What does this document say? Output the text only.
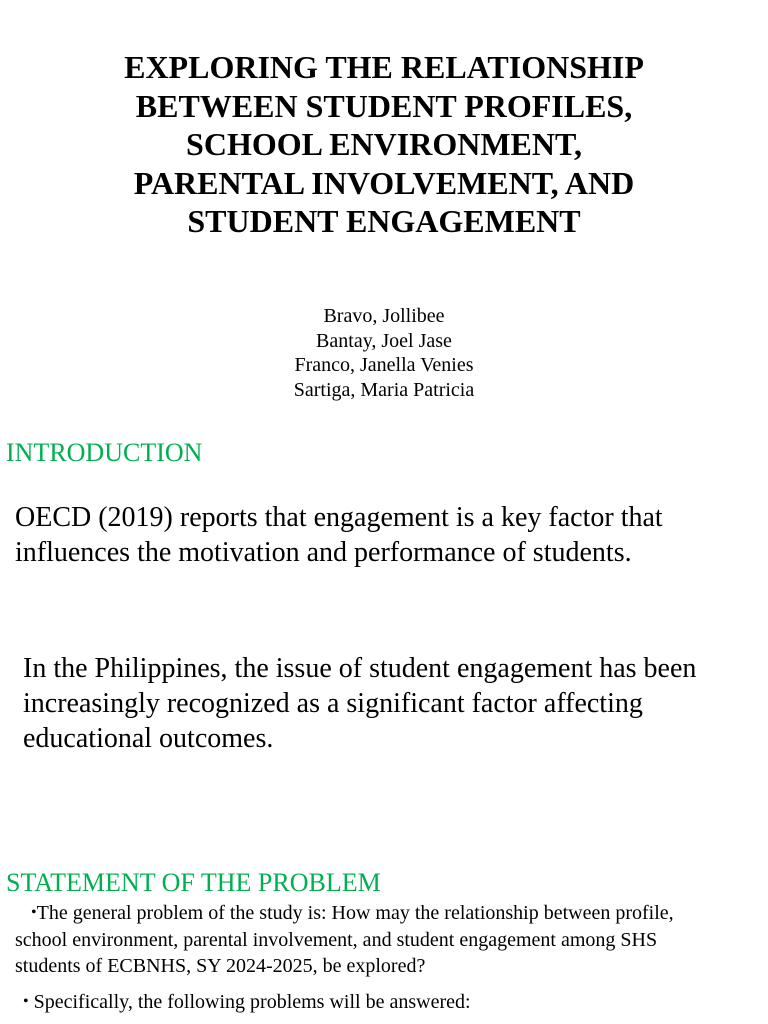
EXPLORING THE RELATIONSHIP
BETWEEN STUDENT PROFILES,
SCHOOL ENVIRONMENT,
PARENTAL INVOLVEMENT, AND
STUDENT ENGAGEMENT
Bravo, Jollibee
Bantay, Joel Jase
Franco, Janella Venies
Sartiga, Maria Patricia
INTRODUCTION
OECD (2019) reports that engagement is a key factor that influences the motivation and performance of students.
In the Philippines, the issue of student engagement has been increasingly recognized as a significant factor affecting educational outcomes.
STATEMENT OF THE PROBLEM

•The general problem of the study is: How may the relationship between profile, school environment, parental involvement, and student engagement among SHS students of ECBNHS, SY 2024-2025, be explored?

• Specifically, the following problems will be answered:
